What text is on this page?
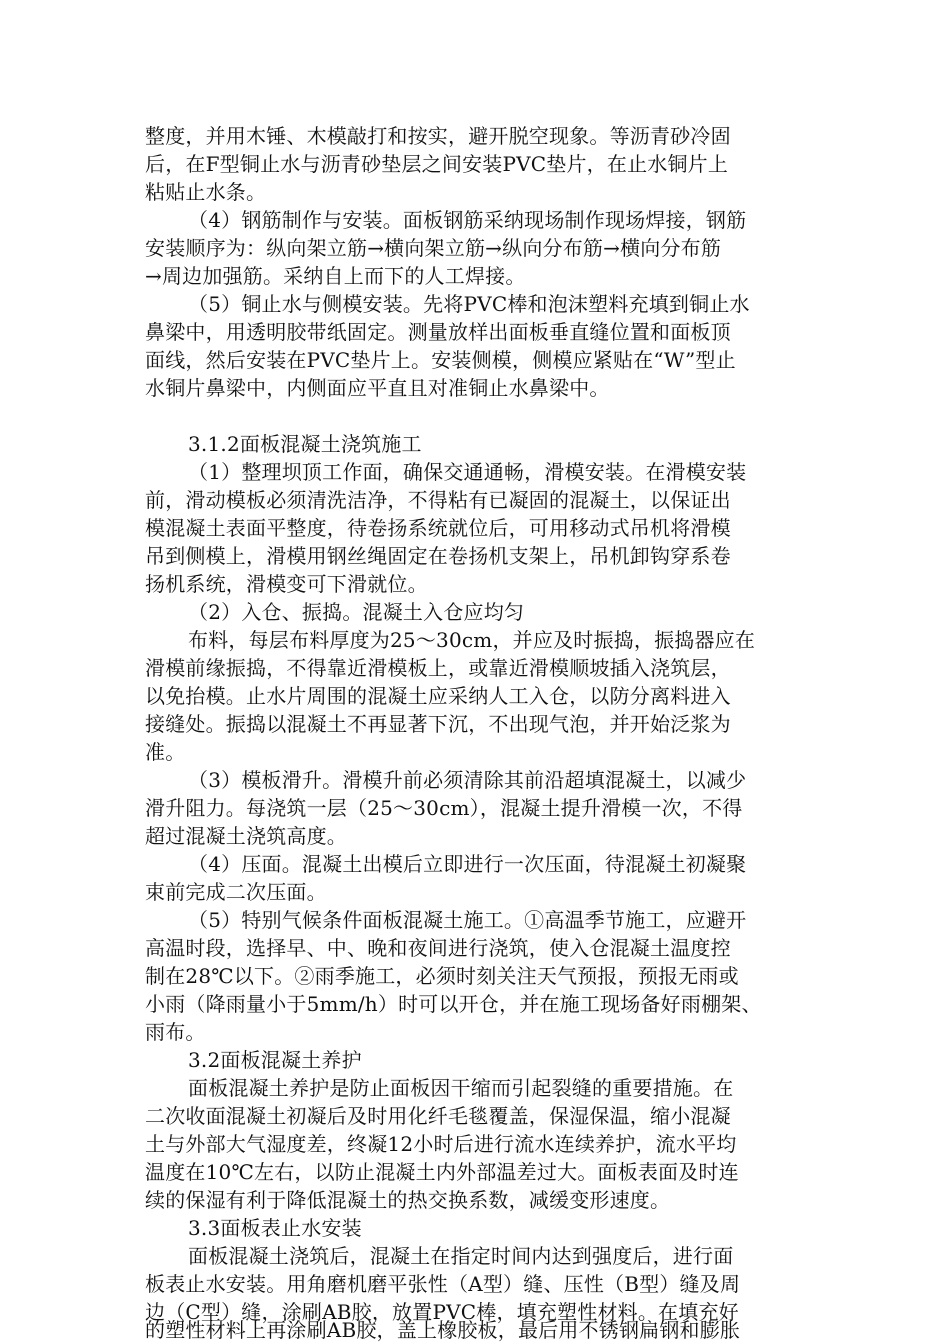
整度，并用木锤、木模敲打和按实，避开脱空现象。等沥青砂冷固
后，在F型铜止水与沥青砂垫层之间安装PVC垫片，在止水铜片上
粘贴止水条。
（4）钢筋制作与安装。面板钢筋采纳现场制作现场焊接，钢筋
安装顺序为：纵向架立筋→横向架立筋→纵向分布筋→横向分布筋
→周边加强筋。采纳自上而下的人工焊接。
（5）铜止水与侧模安装。先将PVC棒和泡沫塑料充填到铜止水
鼻梁中，用透明胶带纸固定。测量放样出面板垂直缝位置和面板顶
面线，然后安装在PVC垫片上。安装侧模，侧模应紧贴在“W”型止
水铜片鼻梁中，内侧面应平直且对准铜止水鼻梁中。
3.1.2面板混凝土浇筑施工
（1）整理坝顶工作面，确保交通通畅，滑模安装。在滑模安装
前，滑动模板必须清洗洁净，不得粘有已凝固的混凝土，以保证出
模混凝土表面平整度，待卷扬系统就位后，可用移动式吊机将滑模
吊到侧模上，滑模用钢丝绳固定在卷扬机支架上，吊机卸钩穿系卷
扬机系统，滑模变可下滑就位。
（2）入仓、振捣。混凝土入仓应均匀
布料，每层布料厚度为25～30cm，并应及时振捣，振捣器应在
滑模前缘振捣，不得靠近滑模板上，或靠近滑模顺坡插入浇筑层，
以免抬模。止水片周围的混凝土应采纳人工入仓，以防分离料进入
接缝处。振捣以混凝土不再显著下沉，不出现气泡，并开始泛浆为
准。
（3）模板滑升。滑模升前必须清除其前沿超填混凝土，以减少
滑升阻力。每浇筑一层（25～30cm），混凝土提升滑模一次，不得
超过混凝土浇筑高度。
（4）压面。混凝土出模后立即进行一次压面，待混凝土初凝聚
束前完成二次压面。
（5）特别气候条件面板混凝土施工。①高温季节施工，应避开
高温时段，选择早、中、晚和夜间进行浇筑，使入仓混凝土温度控
制在28℃以下。②雨季施工，必须时刻关注天气预报，预报无雨或
小雨（降雨量小于5mm/h）时可以开仓，并在施工现场备好雨棚架、
雨布。
3.2面板混凝土养护
面板混凝土养护是防止面板因干缩而引起裂缝的重要措施。在
二次收面混凝土初凝后及时用化纤毛毯覆盖，保湿保温，缩小混凝
土与外部大气湿度差，终凝12小时后进行流水连续养护，流水平均
温度在10℃左右，以防止混凝土内外部温差过大。面板表面及时连
续的保湿有利于降低混凝土的热交换系数，减缓变形速度。
3.3面板表止水安装
面板混凝土浇筑后，混凝土在指定时间内达到强度后，进行面
板表止水安装。用角磨机磨平张性（A型）缝、压性（B型）缝及周
边（C型）缝，涂刷AB胶，放置PVC棒，填充塑性材料。在填充好
的塑性材料上再涂刷AB胶，盖上橡胶板，最后用不锈钢扁钢和膨胀
